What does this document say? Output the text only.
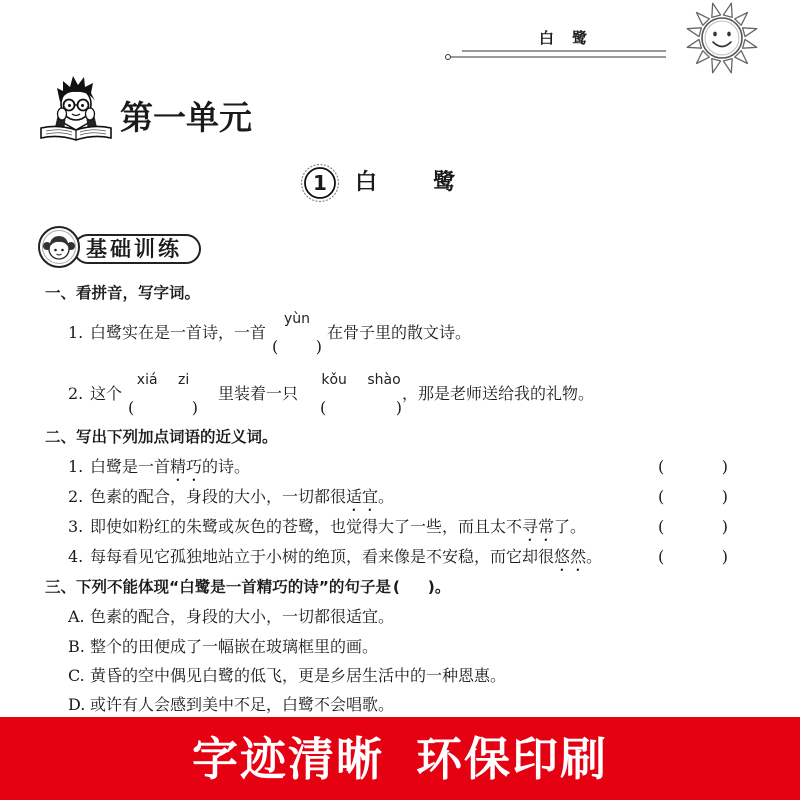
白鹭
第一单元
1	白鹭
基础训练
一、看拼音，写字词。
1. 白鹭实在是一首诗，一首
yùn
( )
在骨子里的散文诗。
2. 这个
xiá zi
(	)
里装着一只
kǒu shào
(	)
，那是老师送给我的礼物。
二、写出下列加点词语的近义词。
1. 白鹭是一首精巧的诗。	(	)
2. 色素的配合，身段的大小，一切都很适宜。	(	)
3. 即使如粉红的朱鹭或灰色的苍鹭，也觉得大了一些，而且太不寻常了。	(	)
4. 每每看见它孤独地站立于小树的绝顶，看来像是不安稳，而它却很悠然。	(	)
三、下列不能体现“白鹭是一首精巧的诗”的句子是 ( ) 。
A. 色素的配合，身段的大小，一切都很适宜。
B. 整个的田便成了一幅嵌在玻璃框里的画。
C. 黄昏的空中偶见白鹭的低飞，更是乡居生活中的一种恩惠。
D. 或许有人会感到美中不足，白鹭不会唱歌。
字迹清晰 环保印刷
